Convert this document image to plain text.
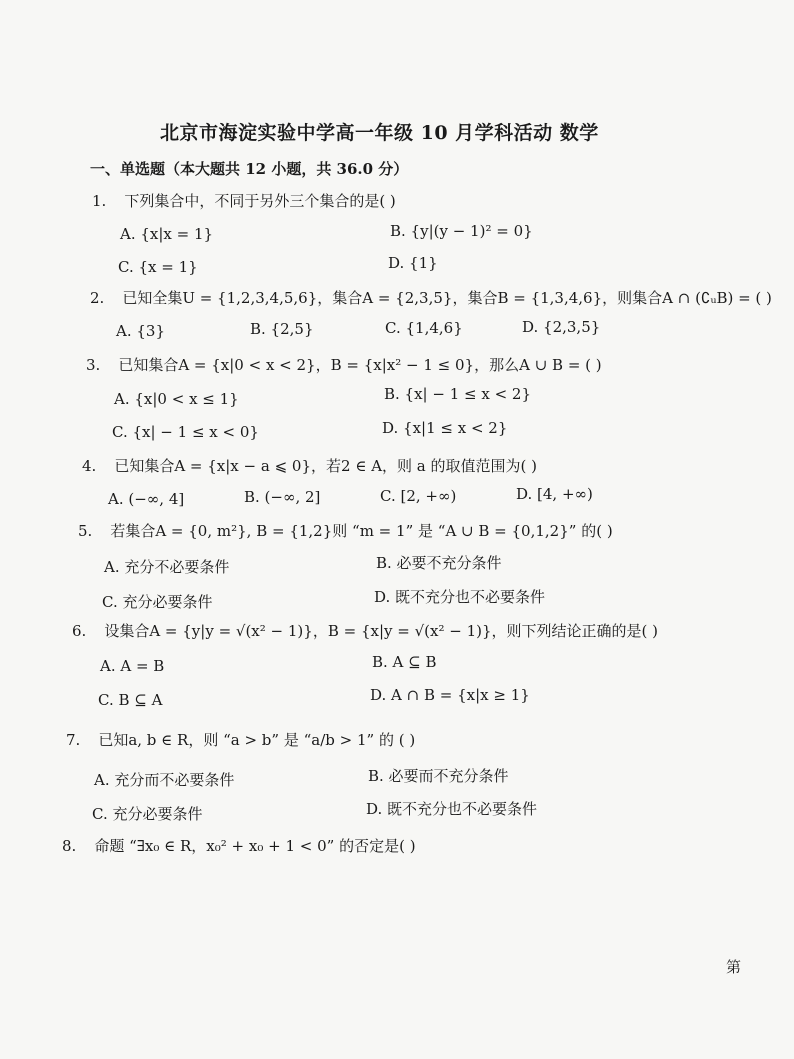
北京市海淀实验中学高一年级 10 月学科活动 数学
一、单选题（本大题共 12 小题，共 36.0 分）
1. 下列集合中，不同于另外三个集合的是( )
A. {x|x = 1}	B. {y|(y − 1)² = 0}
C. {x = 1}	D. {1}
2. 已知全集U = {1,2,3,4,5,6}，集合A = {2,3,5}，集合B = {1,3,4,6}，则集合A ∩ (∁ᵤB) = ( )
A. {3}	B. {2,5}	C. {1,4,6}	D. {2,3,5}
3. 已知集合A = {x|0 < x < 2}，B = {x|x² − 1 ≤ 0}，那么A ∪ B = ( )
A. {x|0 < x ≤ 1}	B. {x| − 1 ≤ x < 2}
C. {x| − 1 ≤ x < 0}	D. {x|1 ≤ x < 2}
4. 已知集合A = {x|x − a ⩽ 0}，若2 ∈ A，则 a 的取值范围为( )
A. (−∞, 4]	B. (−∞, 2]	C. [2, +∞)	D. [4, +∞)
5. 若集合A = {0, m²}, B = {1,2}则 “m = 1” 是 “A ∪ B = {0,1,2}” 的( )
A. 充分不必要条件	B. 必要不充分条件
C. 充分必要条件	D. 既不充分也不必要条件
6. 设集合A = {y|y = √(x² − 1)}，B = {x|y = √(x² − 1)}，则下列结论正确的是( )
A. A = B	B. A ⊆ B
C. B ⊆ A	D. A ∩ B = {x|x ≥ 1}
7. 已知a, b ∈ R，则 “a > b” 是 “a/b > 1” 的 ( )
A. 充分而不必要条件	B. 必要而不充分条件
C. 充分必要条件	D. 既不充分也不必要条件
8. 命题 “∃x₀ ∈ R，x₀² + x₀ + 1 < 0” 的否定是( )
第
